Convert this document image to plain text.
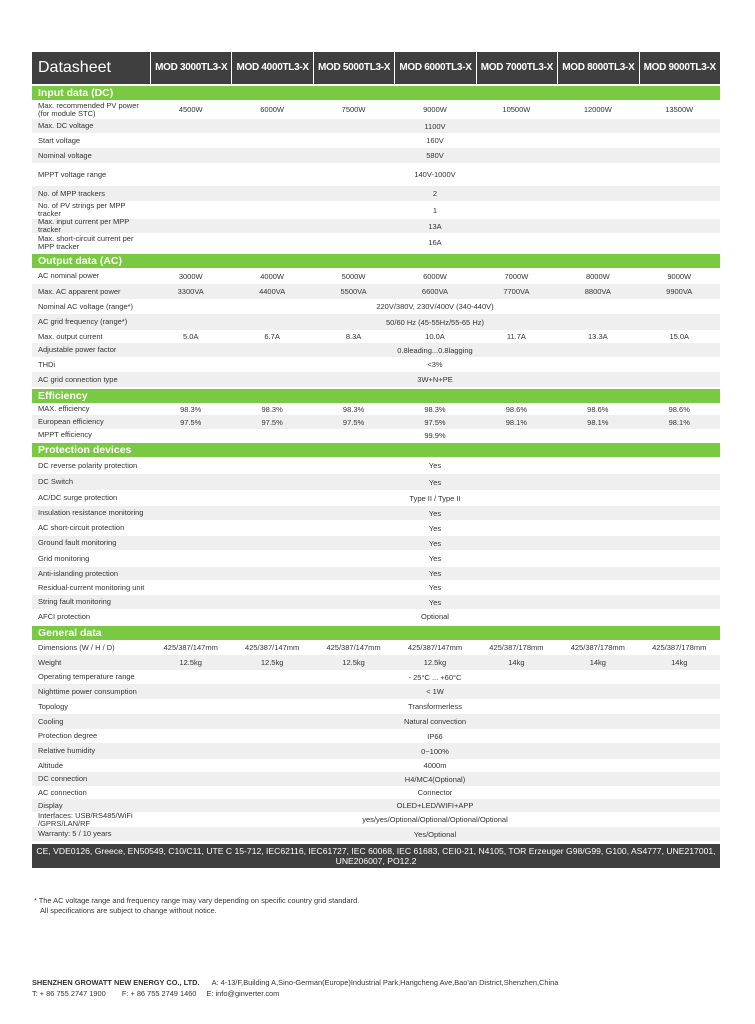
Datasheet	MOD 3000TL3-X MOD 4000TL3-X MOD 5000TL3-X MOD 6000TL3-X MOD 7000TL3-X MOD 8000TL3-X MOD 9000TL3-X
Input data (DC)
Max. recommended PV power (for module STC)	4500W	6000W	7500W	9000W	10500W	12000W	13500W
Max. DC voltage	1100V
Start voltage	160V
Nominal voltage	580V
MPPT voltage range	140V-1000V
No. of MPP trackers	2
No. of PV strings per MPP tracker	1
Max. input current per MPP tracker	13A
Max. short-circuit current per MPP tracker	16A
Output data (AC)
AC nominal power	3000W	4000W	5000W	6000W	7000W	8000W	9000W
Max. AC apparent power	3300VA	4400VA	5500VA	6600VA	7700VA	8800VA	9900VA
Nominal AC voltage (range*)	220V/380V, 230V/400V (340-440V)
AC grid frequency (range*)	50/60 Hz (45-55Hz/55-65 Hz)
Max. output current	5.0A	6.7A	8.3A	10.0A	11.7A	13.3A	15.0A
Adjustable power factor	0.8leading...0.8lagging
THDi	<3%
AC grid connection type	3W+N+PE
Efficiency
MAX. efficiency	98.3%	98.3%	98.3%	98.3%	98.6%	98.6%	98.6%
European efficiency	97.5%	97.5%	97.5%	97.5%	98.1%	98.1%	98.1%
MPPT efficiency	99.9%
Protection devices
DC reverse polarity protection	Yes
DC Switch	Yes
AC/DC surge protection	Type II / Type II
Insulation resistance monitoring	Yes
AC short-circuit protection	Yes
Ground fault monitoring	Yes
Grid monitoring	Yes
Anti-islanding protection	Yes
Residual-current monitoring unit	Yes
String fault monitoring	Yes
AFCI protection	Optional
General data
Dimensions (W / H / D)	425/387/147mm	425/387/147mm	425/387/147mm	425/387/147mm	425/387/178mm	425/387/178mm	425/387/178mm
Weight	12.5kg	12.5kg	12.5kg	12.5kg	14kg	14kg	14kg
Operating temperature range	- 25°C ... +60°C
Nighttime power consumption	< 1W
Topology	Transformerless
Cooling	Natural convection
Protection degree	IP66
Relative humidity	0~100%
Altitude	4000m
DC connection	H4/MC4(Optional)
AC connection	Connector
Display	OLED+LED/WIFI+APP
Interfaces: USB/RS485/WiFi /GPRS/LAN/RF	yes/yes/Optional/Optional/Optional/Optional
Warranty: 5 / 10 years	Yes/Optional
CE, VDE0126, Greece, EN50549, C10/C11, UTE C 15-712, IEC62116, IEC61727, IEC 60068, IEC 61683, CEI0-21, N4105, TOR Erzeuger G98/G99, G100, AS4777, UNE217001, UNE206007, PO12.2
* The AC voltage range and frequency range may vary depending on specific country grid standard.
All specifications are subject to change without notice.
SHENZHEN GROWATT NEW ENERGY CO., LTD. A: 4-13/F,Building A,Sino-German(Europe)Industrial Park,Hangcheng Ave,Bao'an District,Shenzhen,China
T: + 86 755 2747 1900 F: + 86 755 2749 1460 E: info@ginverter.com
